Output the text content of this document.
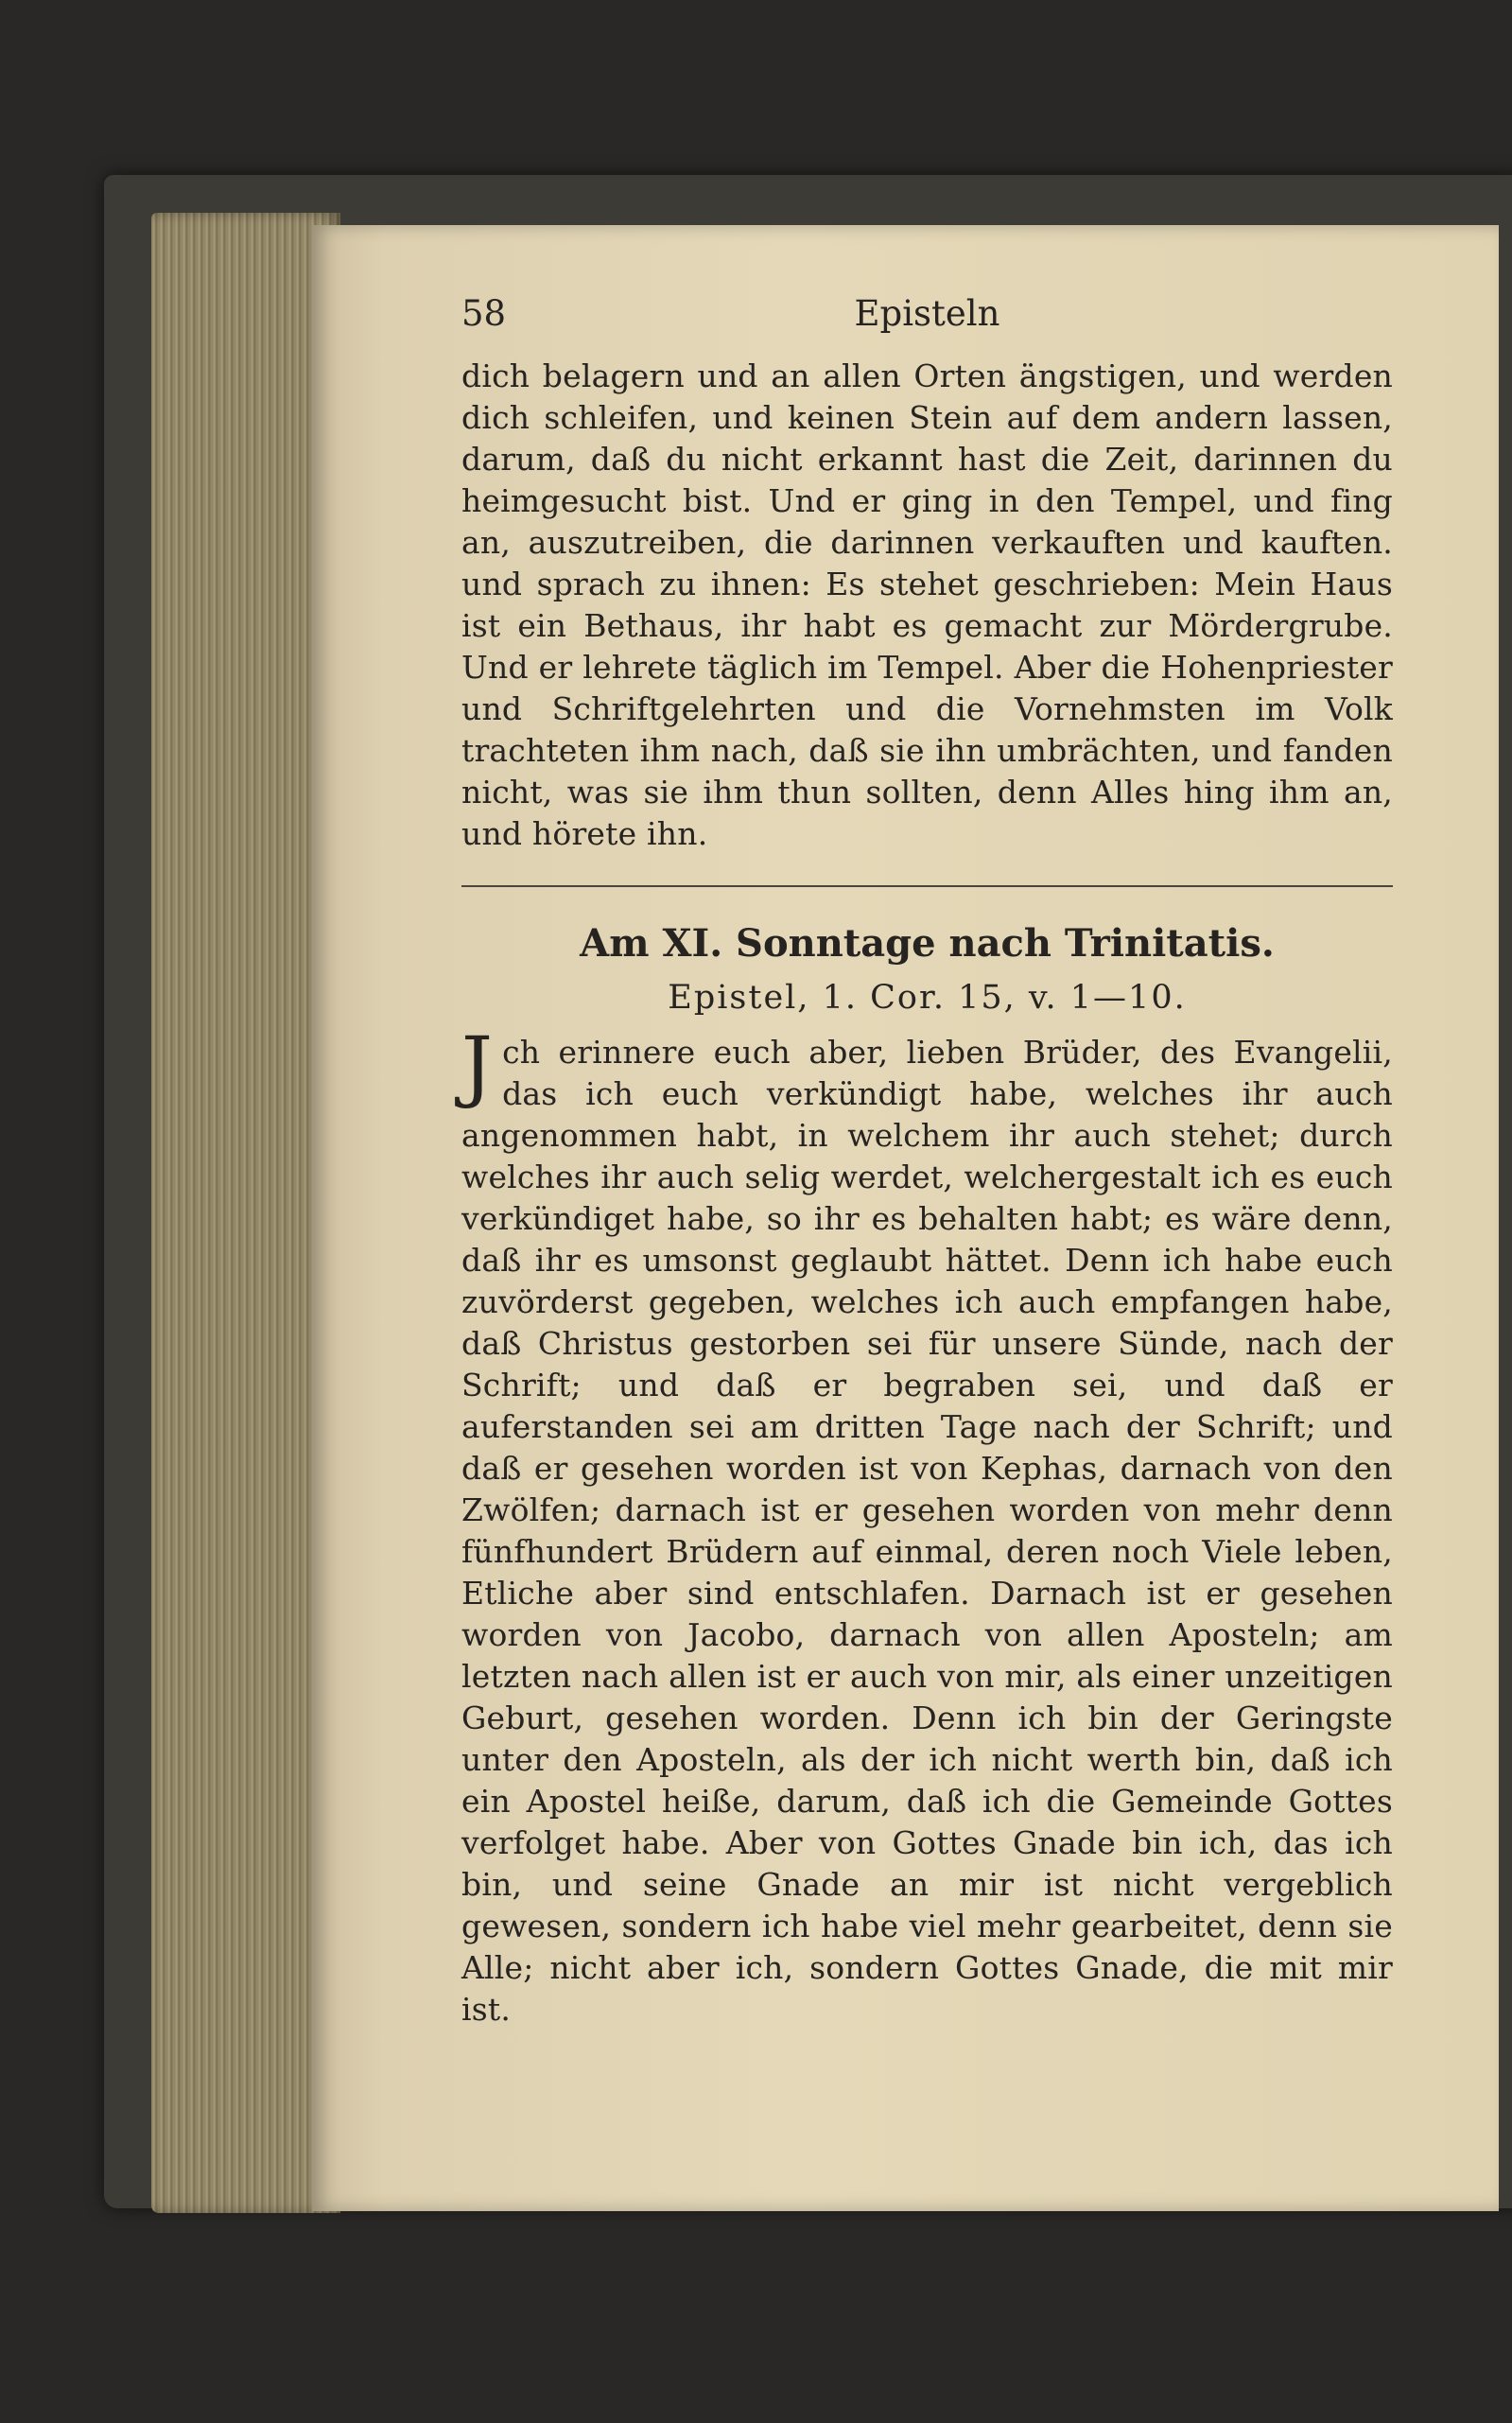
58	Episteln

dich belagern und an allen Orten ängstigen, und werden dich schleifen, und keinen Stein auf dem andern lassen, darum, daß du nicht erkannt hast die Zeit, darinnen du heimgesucht bist. Und er ging in den Tempel, und fing an, auszutreiben, die darinnen verkauften und kauften. und sprach zu ihnen: Es stehet geschrieben: Mein Haus ist ein Bethaus, ihr habt es gemacht zur Mördergrube. Und er lehrete täglich im Tempel. Aber die Hohenpriester und Schriftgelehrten und die Vornehmsten im Volk trachteten ihm nach, daß sie ihn umbrächten, und fanden nicht, was sie ihm thun sollten, denn Alles hing ihm an, und hörete ihn.

Am XI. Sonntage nach Trinitatis.
Epistel, 1. Cor. 15, v. 1—10.

Jch erinnere euch aber, lieben Brüder, des Evangelii, das ich euch verkündigt habe, welches ihr auch angenommen habt, in welchem ihr auch stehet; durch welches ihr auch selig werdet, welchergestalt ich es euch verkündiget habe, so ihr es behalten habt; es wäre denn, daß ihr es umsonst geglaubt hättet. Denn ich habe euch zuvörderst gegeben, welches ich auch empfangen habe, daß Christus gestorben sei für unsere Sünde, nach der Schrift; und daß er begraben sei, und daß er auferstanden sei am dritten Tage nach der Schrift; und daß er gesehen worden ist von Kephas, darnach von den Zwölfen; darnach ist er gesehen worden von mehr denn fünfhundert Brüdern auf einmal, deren noch Viele leben, Etliche aber sind entschlafen. Darnach ist er gesehen worden von Jacobo, darnach von allen Aposteln; am letzten nach allen ist er auch von mir, als einer unzeitigen Geburt, gesehen worden. Denn ich bin der Geringste unter den Aposteln, als der ich nicht werth bin, daß ich ein Apostel heiße, darum, daß ich die Gemeinde Gottes verfolget habe. Aber von Gottes Gnade bin ich, das ich bin, und seine Gnade an mir ist nicht vergeblich gewesen, sondern ich habe viel mehr gearbeitet, denn sie Alle; nicht aber ich, sondern Gottes Gnade, die mit mir ist.
